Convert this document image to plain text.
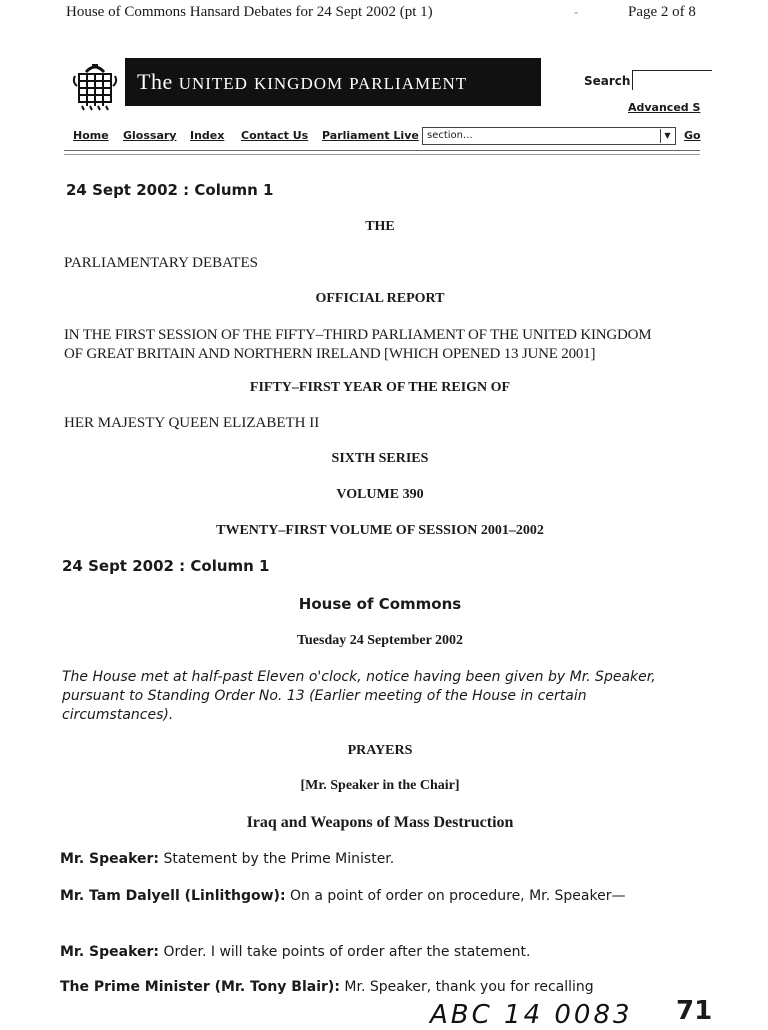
House of Commons Hansard Debates for 24 Sept 2002 (pt 1)	-	Page 2 of 8
The UNITED KINGDOM PARLIAMENT	Search
Advanced S
Home Glossary Index Contact Us Parliament Live section...	▼	Go
24 Sept 2002 : Column 1
THE
PARLIAMENTARY DEBATES
OFFICIAL REPORT
IN THE FIRST SESSION OF THE FIFTY–THIRD PARLIAMENT OF THE UNITED KINGDOM
OF GREAT BRITAIN AND NORTHERN IRELAND [WHICH OPENED 13 JUNE 2001]
FIFTY–FIRST YEAR OF THE REIGN OF
HER MAJESTY QUEEN ELIZABETH II
SIXTH SERIES
VOLUME 390
TWENTY–FIRST VOLUME OF SESSION 2001–2002
24 Sept 2002 : Column 1
House of Commons
Tuesday 24 September 2002
The House met at half-past Eleven o'clock, notice having been given by Mr. Speaker, pursuant to Standing Order No. 13 (Earlier meeting of the House in certain circumstances).
PRAYERS
[Mr. Speaker in the Chair]
Iraq and Weapons of Mass Destruction
Mr. Speaker: Statement by the Prime Minister.
Mr. Tam Dalyell (Linlithgow): On a point of order on procedure, Mr. Speaker—
Mr. Speaker: Order. I will take points of order after the statement.
The Prime Minister (Mr. Tony Blair): Mr. Speaker, thank you for recalling
ABC 14 0083 71
